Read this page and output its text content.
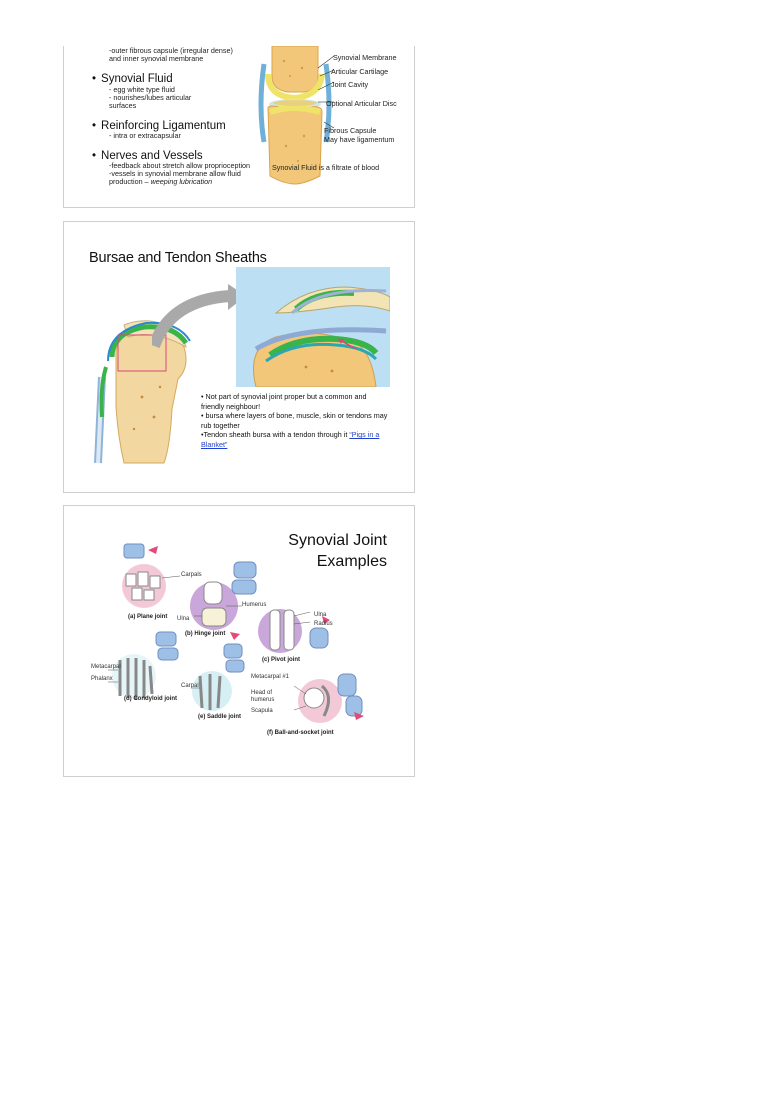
-outer fibrous capsule (irregular dense)
and inner synovial membrane
• Synovial Fluid
- egg white type fluid
- nourishes/lubes articular
surfaces
• Reinforcing Ligamentum
- intra or extracapsular
• Nerves and Vessels
-feedback about stretch allow proprioception
-vessels in synovial membrane allow fluid
production – weeping lubrication
Synovial Membrane
Articular Cartilage
Joint Cavity
Optional Articular Disc
Fibrous Capsule
May have ligamentum
Synovial Fluid is a filtrate of blood
Bursae and Tendon Sheaths
• Not part of synovial joint proper but a common and
friendly neighbour!
• bursa where layers of bone, muscle, skin or tendons may
rub together
•Tendon sheath bursa with a tendon through it “Pigs in a
Blanket”
Synovial Joint
Examples
Carpals
(a) Plane joint
Humerus
Ulna
(b) Hinge joint
Ulna
Radius
(c) Pivot joint
Metacarpal
Phalanx
(d) Condyloid joint
Carpal
Metacarpal #1
Head of
humerus
Scapula
(e) Saddle joint
(f) Ball-and-socket joint
